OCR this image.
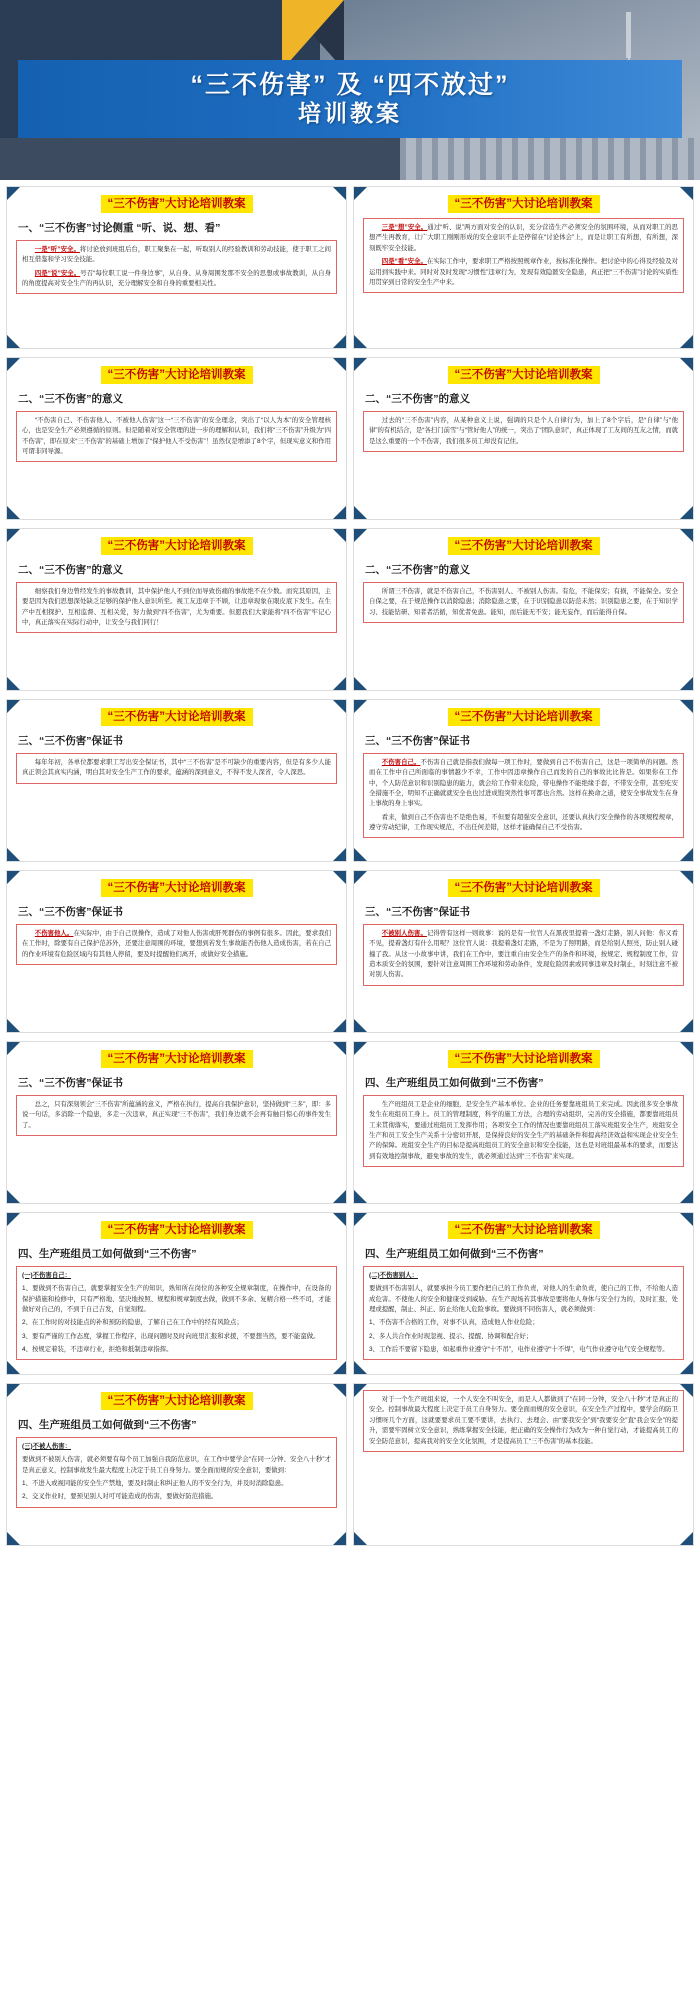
“三不伤害” 及 “四不放过”
培训教案
“三不伤害”大讨论培训教案
一、“三不伤害”讨论侧重 “听、说、想、看”

一是“听”安全。将讨论放到班组后台，职工聚集在一起，听取别人的经验教训和劳动技能，使于职工之间相互借鉴和学习安全技能。

四是“说”安全。号召“每位职工说一件身边事”，从自身、从身周围发那不安全的思想或事故教训，从自身的角度提高对安全生产的再认识，充分理解安全和自身的重要相关性。

“三不伤害”大讨论培训教案

三是“想”安全。通过“听、说”两方面对安全的认识，充分营造生产必须安全的氛围环境，从而对职工的思想严生再教育，让广大职工刚刚形成的安全意识不止是停留在“讨论体会”上，而是让职工有所想，有所想，深刻既牢安全技能。

四是“看”安全。在实际工作中，要求职工严格按照规章作业，按标准化操作。把讨论中的心得及经验及对运用到实践中来。同时对及时发现“习惯性”违章行为，发现有效隐匿安全隐患，真正把“三不伤害”讨论的实质性用贯穿到日常的安全生产中来。

“三不伤害”大讨论培训教案
二、“三不伤害”的意义

“不伤害自己、不伤害他人、不被他人伤害”这一“三不伤害”的安全理念，突出了“以人为本”的安全管理核心，也是安全生产必须遵循的原则。但是随着对安全管理的进一步的理解和认识，我们将“三不伤害”升级为“四不伤害”，即在原来“三不伤害”的基础上增加了“保护他人不受伤害”！虽然仅是增添了8个字，但现实意义和作用可谓非同导源。

“三不伤害”大讨论培训教案
二、“三不伤害”的意义

过去的“三不伤害”内容，从某种意义上说，强调的只是个人自律行为，加上了8个字后，是“自律”与“他律”的有机结合，是“各扫门前雪”与“管好他人”的统一，突出了“团队意识”，真正体现了工友间的互友之情，而就是这么重要的一个不伤害，我们很多员工却没有记住。

“三不伤害”大讨论培训教案
二、“三不伤害”的意义

细察我们身边曾经发生的事故教训，其中保护他人不到位而导致伤痛的事故绝不在少数。而究其原因，主要是因为我们思想深处缺乏足够的保护他人意识所至。视工友违章于不顾，让违章现象在眼皮底下发生。在生产中互相探护、互相监督、互相关爱，努力做到“四不伤害”，尤为重要。但愿我们大家能将“四不伤害”牢记心中，真正落实在实际行动中，让安全与我们同行！

“三不伤害”大讨论培训教案
二、“三不伤害”的意义

所谓三不伤害，就是不伤害自己，不伤害别人、不被别人伤害。有危，不能保安；有损，不能保全。安全自保之要，在于规范操作以消除隐患；消除隐患之要，在于识别隐患以防范未然；识别隐患之要，在于知识学习、技能钻研、知者者活循，知优者免患。能知，而后能无不安；能无妄作，而后能得自保。

“三不伤害”大讨论培训教案
三、“三不伤害”保证书

每年年初，各单位都要求职工写出安全保证书，其中“三不伤害”是不可缺少的重要内容，但是有多少人能真正领会其真实内涵，明白其对安全生产工作的要求，蕴涵的深到意义，不得不发人深省，令人深思。

“三不伤害”大讨论培训教案
三、“三不伤害”保证书

不伤害自己。不伤害自己就是指我们做每一项工作时，要做到自己不伤害自己，这是一项简单的问题。然而在工作中自己所面临的事情越少不幸，工作中因违章操作自己而发的自己的事故比比皆是。如果你在工作中，个人防范意识和识别隐患的能力，就会给工作带来危险，带电操作不能绝缘手套，不带安全带，甚至吃安全措施不全，明知不正确就就安全也也过进成饱突然性事可都也合然。这样在换命之道，使安全事故发生在身上事故的身上事实。

看来，做到自己不伤害也不是绝色易，不但要有超强安全意识，还要认真执行安全操作的各项规程规章，遵守劳动纪律，工作现实规范，不出任何差错，这样才能确保自己不受伤害。

“三不伤害”大讨论培训教案
三、“三不伤害”保证书

不伤害他人。在实际中，由于自己误操作，造成了对他人伤害或肝死群伤的事例有很多。因此，要求我们在工作时，除要有自己保护范苏外，还要注意周围的环境，要想到若发生事故能否伤他人造成伤害，若在自己的作业环境有危险区域内有其他人停留，要及时提醒他们离开，或做好安全措施。

“三不伤害”大讨论培训教案
三、“三不伤害”保证书

不被别人伤害。记得曾有这样一则故事：说的是有一位官人在黑夜里提着一盏灯走路，别人问他：你又看不见，提着盏灯有什么用呢？这位官人说：我提着盏灯走路，不是为了照明路，而是给别人照亮，防止别人碰撞了我。从这一小故事中讲，我们在工作中，要注重自由安全生产的条件和环境，按规定、规程制度工作，营造本质安全的氛围，要针对注意周围工作环境和劳动条件，发现危险因素或同事违章及时制止，时刻注意不被对别人伤害。

“三不伤害”大讨论培训教案
三、“三不伤害”保证书

总之，只有深刻领会“三不伤害”所蕴涵的意义，严格在执行，提高自我保护意识，坚持做到“三多”，即：多说一句话，多消除一个隐患，多走一次违章，真正实现“三不伤害”，我们身边就不会再有触目惊心的事件发生了。

“三不伤害”大讨论培训教案
四、生产班组员工如何做到“三不伤害”

生产班组员工是企业的细胞，是安全生产基本单位。企业的任务要靠班组员工来完成。因此很多安全事故发生在班组员工身上。员工的管理制度，科学的施工方法，合理的劳动组织，完善的安全措施，都要靠班组员工来贯彻落实，要通过班组员工发挥作用；各项安全工作的情况也要靠班组员工落实班组安全生产，班组安全生产和员工安全生产关系十分密切开展，是保持良好的安全生产的基础条件和提高经济效益和实现企业安全生产的保障。班组安全生产的目标是提高班组员工的安全意识和安全技能，这也是对班组最基本的要求，而要达到有效地控制事故，避免事故的发生，就必须通过达到“三不伤害”来实现。

“三不伤害”大讨论培训教案
四、生产班组员工如何做到“三不伤害”

(一)不伤害自己：

1、要做到不伤害自己，就要掌握安全生产的知识，熟知所在岗位的各种安全规章制度，在操作中，在设备的保护措施和检修中，只有严格地、坚决地按照、规程和规章制度去做，做到不多余、复精合格一些不司，才能做好对自己的，不到于自己吉发，自觉刻程。

2、在工作时的对技能点的补和预防的隐患，了解自己在工作中的经有风险点；

3、要有严谨的工作态度，掌握工作程序，出现问题时及时向班里汇报和求援，不要想当然，要不能蛮做。

4、按规定着装，不违章行业，拒绝和抵制违章指挥。

“三不伤害”大讨论培训教案
四、生产班组员工如何做到“三不伤害”

(二)不伤害别人：

要做到不伤害别人，就要承担今员工要作把自己的工作负责，对他人的生命负责，使自己的工作，不给他人造成危害。不使他人的安全和健康受到威胁。在生产现场若其事故是要将他人身体与安全行为的，及时汇报，处理或提醒，制止、纠正、防止给他人危险事故。要做到不同伤害人，就必须做到：

1、不伤害不合格的工作，对事不认真，造成他人作业危险；

2、多人共合作业时现忽视、提示、提醒、协调和配合好；

3、工作后不要留下隐患，如起重作业遵守“十不吊”，电作业遵守“十不焊”，电气作业遵守电气安全规程等。

“三不伤害”大讨论培训教案
四、生产班组员工如何做到“三不伤害”

(三)不被人伤害：

要做到不被别人伤害，就必须要有每个员工加强自我防范意识，在工作中要学会“在同一分钟、安全八十秒”才是真正意义，控制事故发生最大程度上决定于员工自身努力。要全面而规的安全意识，要做到：

1、不进入或视同能的安全生产禁地，要及时制止和纠正他人的不安全行为，并及时消除隐患。

2、交叉作业时，要预见别人对可可能造成的伤害，要做好防范措施。

对于一个生产班组来说，一个人安全不叫安全，而是人人都做到了“在同一分钟，安全八十秒”才是真正的安全。控制事故最大程度上决定于员工自身努力。要全面而规的安全意识，在安全生产过程中，要学会的防卫习惯呀几个方面，这就要要求员工要不要讲，去执行、去理会、由“要我安全”到“我要安全”直“我会安全”的提升，需要牢固树立安全意识，熟练掌握安全技能，把正确的安全操作行为改为一种自觉行动，才能提高员工的安全防范意识，提高我对的安全文化氛围，才是提高员工“三不伤害”的基本技能。
